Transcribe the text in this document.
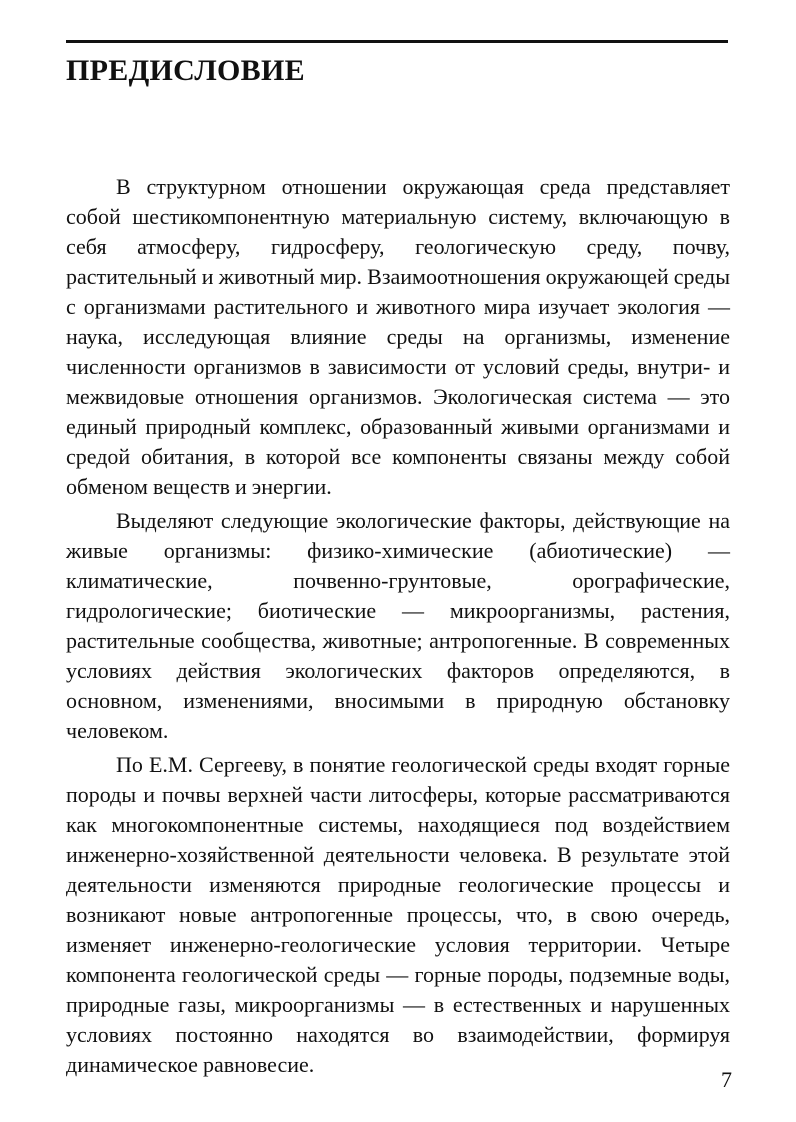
ПРЕДИСЛОВИЕ

В структурном отношении окружающая среда представляет собой шестикомпонентную материальную систему, включающую в себя атмосферу, гидросферу, геологическую среду, почву, растительный и животный мир. Взаимоотношения окружающей среды с организмами растительного и животного мира изучает экология — наука, исследующая влияние среды на организмы, изменение численности организмов в зависимости от условий среды, внутри- и межвидовые отношения организмов. Экологическая система — это единый природный комплекс, образованный живыми организмами и средой обитания, в которой все компоненты связаны между собой обменом веществ и энергии.

Выделяют следующие экологические факторы, действующие на живые организмы: физико-химические (абиотические) — климатические, почвенно-грунтовые, орографические, гидрологические; биотические — микроорганизмы, растения, растительные сообщества, животные; антропогенные. В современных условиях действия экологических факторов определяются, в основном, изменениями, вносимыми в природную обстановку человеком.

По Е.М. Сергееву, в понятие геологической среды входят горные породы и почвы верхней части литосферы, которые рассматриваются как многокомпонентные системы, находящиеся под воздействием инженерно-хозяйственной деятельности человека. В результате этой деятельности изменяются природные геологические процессы и возникают новые антропогенные процессы, что, в свою очередь, изменяет инженерно-геологические условия территории. Четыре компонента геологической среды — горные породы, подземные воды, природные газы, микроорганизмы — в естественных и нарушенных условиях постоянно находятся во взаимодействии, формируя динамическое равновесие.

7
